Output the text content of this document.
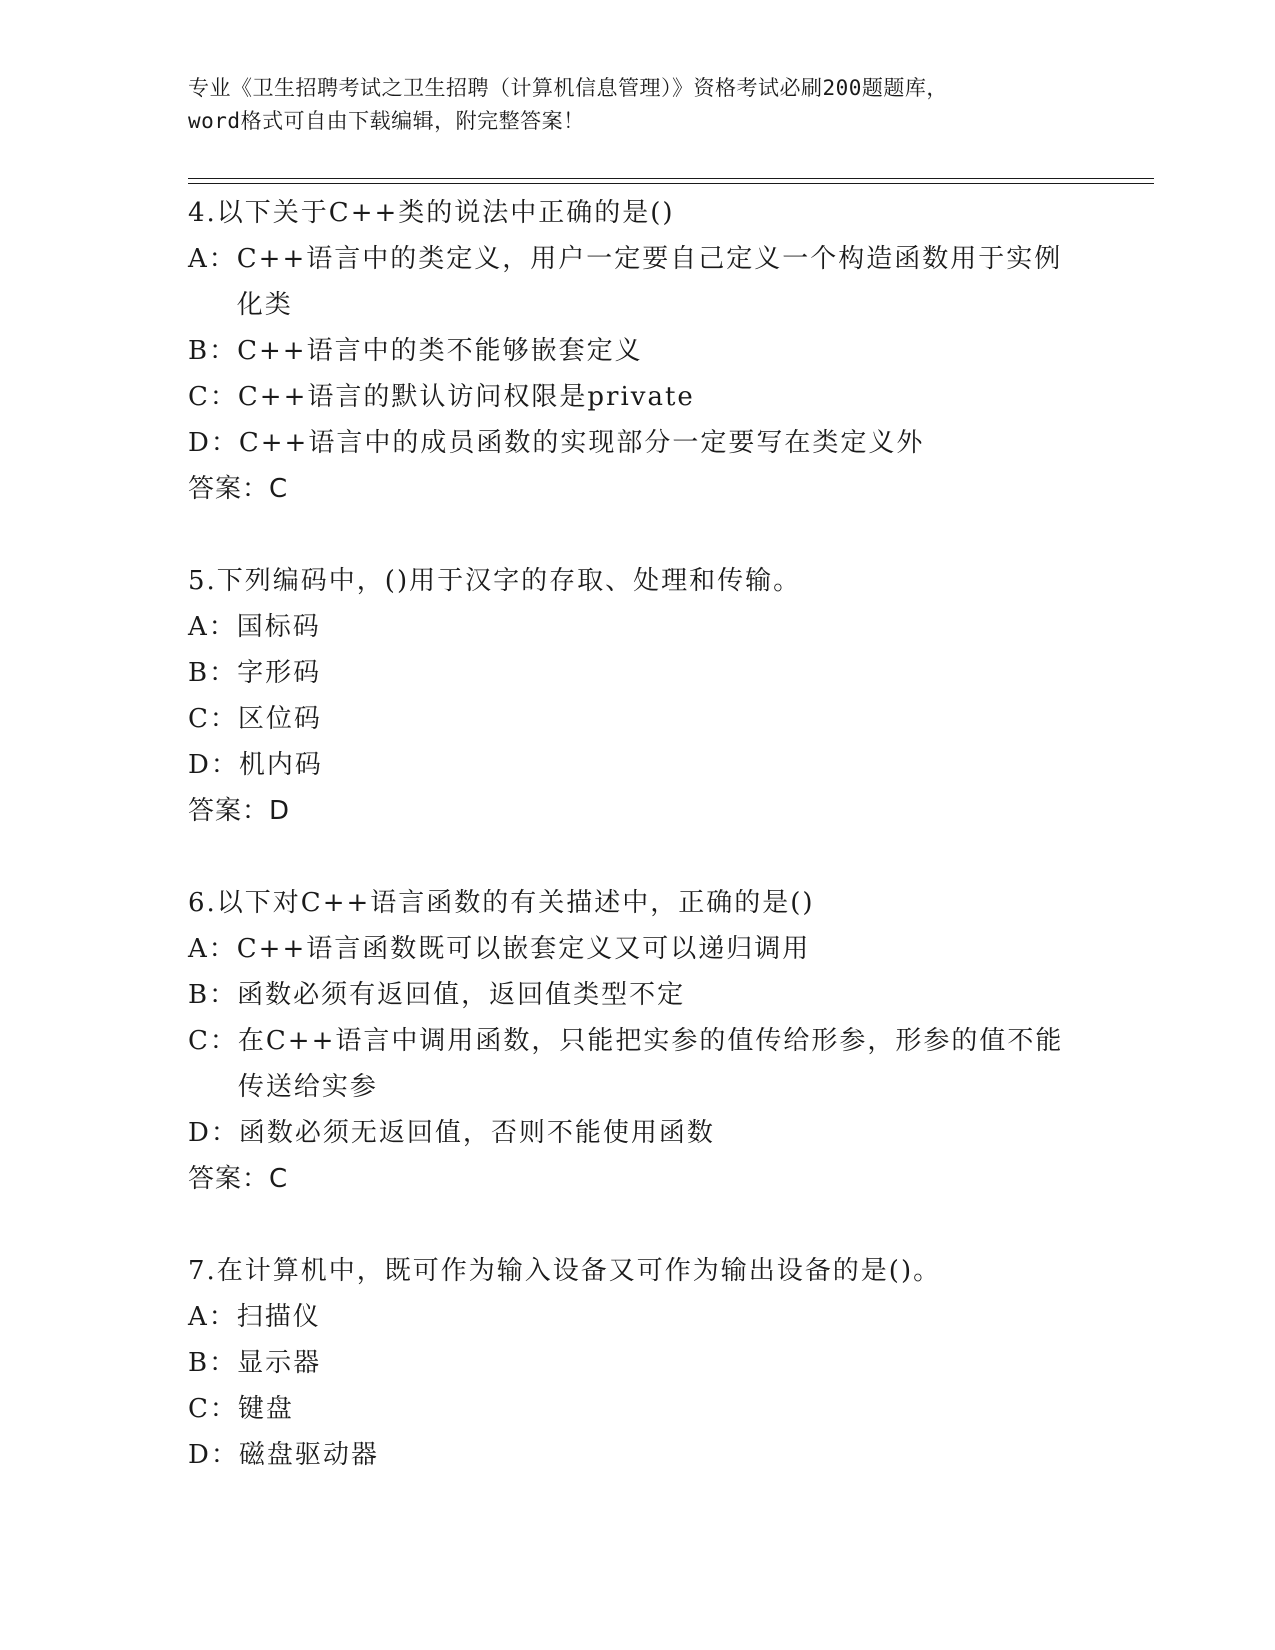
专业《卫生招聘考试之卫生招聘（计算机信息管理）》资格考试必刷200题题库，
word格式可自由下载编辑，附完整答案！
4.以下关于C++类的说法中正确的是()
A： C++语言中的类定义，用户一定要自己定义一个构造函数用于实例化类
B： C++语言中的类不能够嵌套定义
C： C++语言的默认访问权限是private
D： C++语言中的成员函数的实现部分一定要写在类定义外
答案：C
5.下列编码中，()用于汉字的存取、处理和传输。
A： 国标码
B： 字形码
C： 区位码
D： 机内码
答案：D
6.以下对C++语言函数的有关描述中，正确的是()
A： C++语言函数既可以嵌套定义又可以递归调用
B： 函数必须有返回值，返回值类型不定
C： 在C++语言中调用函数，只能把实参的值传给形参，形参的值不能传送给实参
D： 函数必须无返回值，否则不能使用函数
答案：C
7.在计算机中，既可作为输入设备又可作为输出设备的是()。
A： 扫描仪
B： 显示器
C： 键盘
D： 磁盘驱动器
